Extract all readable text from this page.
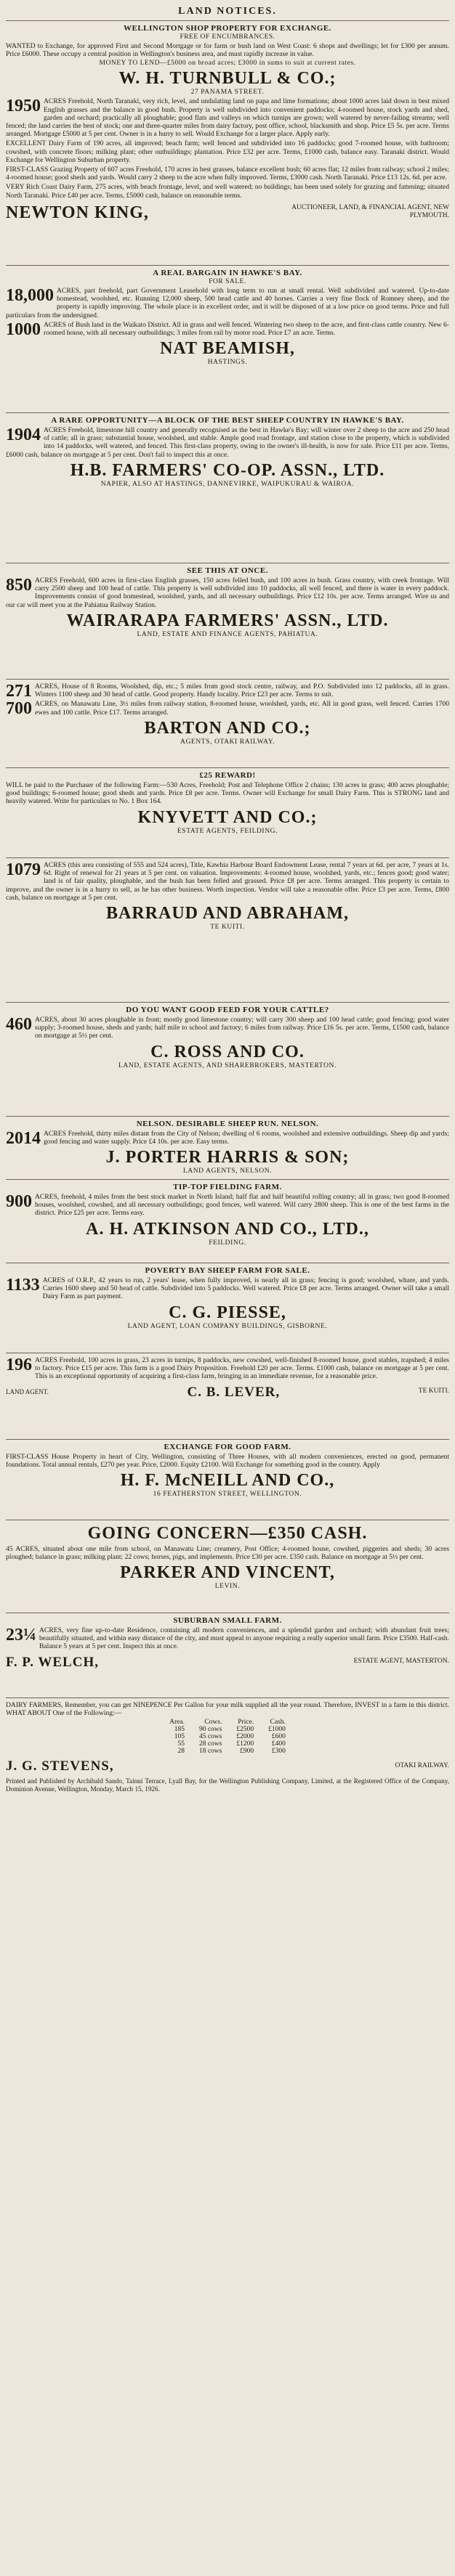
LAND NOTICES.
WELLINGTON SHOP PROPERTY FOR EXCHANGE.
FREE OF ENCUMBRANCES.
WANTED to Exchange, for approved First and Second Mortgage or for farm or bush land on West Coast: 6 shops and dwellings; let for £300 per annum. Price £6000. These occupy a central position in Wellington's business area, and must rapidly increase in value.
MONEY TO LEND—£5000 on broad acres; £3000 in sums to suit at current rates.
W. H. TURNBULL & CO.;
27 PANAMA STREET.
1950 ACRES Freehold, North Taranaki, very rich, level, and undulating land on papa and lime formations; about 1000 acres laid down in best mixed English grasses and the balance in good bush. Property is well subdivided into convenient paddocks; 4-roomed house, stock yards and shed, garden and orchard; practically all ploughable; good flats and valleys on which turnips are grown; well watered by never-failing streams; well fenced; the land carries the best of stock; one and three-quarter miles from dairy factory, post office, school, blacksmith and shop. Price £5 5s. per acre. Terms arranged. Mortgage £5000 at 5 per cent. Owner is in a hurry to sell. Would Exchange for a larger place. Apply early.
EXCELLENT Dairy Farm of 190 acres, all improved; beach farm; well fenced and subdivided into 16 paddocks; good 7-roomed house, with bathroom; cowshed, with concrete floors; milking plant; other outbuildings; plantation. Price £32 per acre. Terms, £1000 cash, balance easy. Taranaki district. Would Exchange for Wellington Suburban property.
FIRST-CLASS Grazing Property of 607 acres Freehold, 170 acres in best grasses, balance excellent bush; 60 acres flat; 12 miles from railway; school 2 miles; 4-roomed house; good sheds and yards. Would carry 2 sheep to the acre when fully improved. Terms, £3000 cash. North Taranaki. Price £13 12s. 6d. per acre.
VERY Rich Coast Dairy Farm, 275 acres, with beach frontage, level, and well watered; no buildings; has been used solely for grazing and fattening; situated North Taranaki. Price £40 per acre. Terms, £5000 cash, balance on reasonable terms.
NEWTON KING,	AUCTIONEER, LAND, & FINANCIAL AGENT, NEW PLYMOUTH.
A REAL BARGAIN IN HAWKE'S BAY.
FOR SALE.
18,000 ACRES, part freehold, part Government Leasehold with long term to run at small rental. Well subdivided and watered. Up-to-date homestead, woolshed, etc. Running 12,000 sheep, 500 head cattle and 40 horses. Carries a very fine flock of Romney sheep, and the property is rapidly improving. The whole place is in excellent order, and it will be disposed of at a low price on good terms. Price and full particulars from the undersigned.
1000 ACRES of Bush land in the Waikato District. All in grass and well fenced. Wintering two sheep to the acre, and first-class cattle country. New 6-roomed house, with all necessary outbuildings; 3 miles from rail by motor road. Price £7 an acre. Terms.
NAT BEAMISH,
HASTINGS.
A RARE OPPORTUNITY—A BLOCK OF THE BEST SHEEP COUNTRY IN HAWKE'S BAY.
1904 ACRES Freehold, limestone hill country and generally recognised as the best in Hawke's Bay; will winter over 2 sheep to the acre and 250 head of cattle; all in grass; substantial house, woolshed, and stable. Ample good road frontage, and station close to the property, which is subdivided into 14 paddocks, well watered, and fenced. This first-class property, owing to the owner's ill-health, is now for sale. Price £11 per acre. Terms, £6000 cash, balance on mortgage at 5 per cent. Don't fail to inspect this at once.
H.B. FARMERS' CO-OP. ASSN., LTD.
NAPIER, ALSO AT HASTINGS, DANNEVIRKE, WAIPUKURAU & WAIROA.
SEE THIS AT ONCE.
850 ACRES Freehold, 600 acres in first-class English grasses, 150 acres felled bush, and 100 acres in bush. Grass country, with creek frontage. Will carry 2500 sheep and 100 head of cattle. This property is well subdivided into 10 paddocks, all well fenced, and there is water in every paddock. Improvements consist of good homestead, woolshed, yards, and all necessary outbuildings. Price £12 10s. per acre. Terms arranged. Wire us and our car will meet you at the Pahiatua Railway Station.
WAIRARAPA FARMERS' ASSN., LTD.
LAND, ESTATE AND FINANCE AGENTS, PAHIATUA.
271 ACRES, House of 8 Rooms, Woolshed, dip, etc.; 5 miles from good stock centre, railway, and P.O. Subdivided into 12 paddocks, all in grass. Winters 1100 sheep and 30 head of cattle. Good property. Handy locality. Price £23 per acre. Terms to suit.
700 ACRES, on Manawatu Line, 3½ miles from railway station, 8-roomed house, woolshed, yards, etc. All in good grass, well fenced. Carries 1700 ewes and 100 cattle. Price £17. Terms arranged.
BARTON AND CO.;
AGENTS, OTAKI RAILWAY.
£25 REWARD!
WILL be paid to the Purchaser of the following Farm:—530 Acres, Freehold; Post and Telephone Office 2 chains; 130 acres in grass; 400 acres ploughable; good buildings; 6-roomed house; good sheds and yards. Price £8 per acre. Terms. Owner will Exchange for small Dairy Farm. This is STRONG land and heavily watered. Write for particulars to No. 1 Box 164.
KNYVETT AND CO.;
ESTATE AGENTS, FEILDING.
1079 ACRES (this area consisting of 555 and 524 acres), Title, Kawhia Harbour Board Endowment Lease, rental 7 years at 6d. per acre, 7 years at 1s. 6d. Right of renewal for 21 years at 5 per cent. on valuation. Improvements: 4-roomed house, woolshed, yards, etc.; fences good; good water; land is of fair quality, ploughable, and the bush has been felled and grassed. Price £8 per acre. Terms arranged. This property is certain to improve, and the owner is in a hurry to sell, as he has other business. Worth inspection. Vendor will take a reasonable offer. Price £3 per acre. Terms, £800 cash, balance on mortgage at 5 per cent.
BARRAUD AND ABRAHAM,
TE KUITI.
DO YOU WANT GOOD FEED FOR YOUR CATTLE?
460 ACRES, about 30 acres ploughable in front; mostly good limestone country; will carry 300 sheep and 100 head cattle; good fencing; good water supply; 3-roomed house, sheds and yards; half mile to school and factory; 6 miles from railway. Price £16 5s. per acre. Terms, £1500 cash, balance on mortgage at 5½ per cent.
C. ROSS AND CO.
LAND, ESTATE AGENTS, AND SHAREBROKERS, MASTERTON.
NELSON. DESIRABLE SHEEP RUN. NELSON.
2014 ACRES Freehold, thirty miles distant from the City of Nelson; dwelling of 6 rooms, woolshed and extensive outbuildings. Sheep dip and yards; good fencing and water supply. Price £4 10s. per acre. Easy terms.
J. PORTER HARRIS & SON;
LAND AGENTS, NELSON.
TIP-TOP FIELDING FARM.
900 ACRES, freehold, 4 miles from the best stock market in North Island; half flat and half beautiful rolling country; all in grass; two good 8-roomed houses, woolshed, cowshed, and all necessary outbuildings; good fences, well watered. Will carry 2800 sheep. This is one of the best farms in the district. Price £25 per acre. Terms easy.
A. H. ATKINSON AND CO., LTD.,
FEILDING.
POVERTY BAY SHEEP FARM FOR SALE.
1133 ACRES of O.R.P., 42 years to run, 2 years' lease, when fully improved, is nearly all in grass; fencing is good; woolshed, whare, and yards. Carries 1600 sheep and 50 head of cattle. Subdivided into 5 paddocks. Well watered. Price £8 per acre. Terms arranged. Owner will take a small Dairy Farm as part payment.
C. G. PIESSE,
LAND AGENT, LOAN COMPANY BUILDINGS, GISBORNE.
196 ACRES Freehold, 100 acres in grass, 23 acres in turnips, 8 paddocks, new cowshed, well-finished 8-roomed house, good stables, trapshed; 4 miles to factory. Price £15 per acre. This farm is a good Dairy Proposition. Freehold £20 per acre. Terms. £1000 cash, balance on mortgage at 5 per cent. This is an exceptional opportunity of acquiring a first-class farm, bringing in an immediate revenue, for a reasonable price.
LAND AGENT.	C. B. LEVER,	TE KUITI.
EXCHANGE FOR GOOD FARM.
FIRST-CLASS House Property in heart of City, Wellington, consisting of Three Houses, with all modern conveniences, erected on good, permanent foundations. Total annual rentals, £270 per year. Price, £2000. Equity £2100. Will Exchange for something good in the country. Apply
H. F. McNEILL AND CO.,
16 FEATHERSTON STREET, WELLINGTON.
GOING CONCERN—£350 CASH.
45 ACRES, situated about one mile from school, on Manawatu Line; creamery, Post Office; 4-roomed house, cowshed, piggeries and sheds; 30 acres ploughed; balance in grass; milking plant; 22 cows; horses, pigs, and implements. Price £30 per acre. £350 cash. Balance on mortgage at 5½ per cent.
PARKER AND VINCENT,
LEVIN.
SUBURBAN SMALL FARM.
23¼ ACRES, very fine up-to-date Residence, containing all modern conveniences, and a splendid garden and orchard; with abundant fruit trees; beautifully situated, and within easy distance of the city, and must appeal to anyone requiring a really superior small farm. Price £3500. Half-cash. Balance 5 years at 5 per cent. Inspect this at once.
F. P. WELCH,	ESTATE AGENT, MASTERTON.
DAIRY FARMERS, Remember, you can get NINEPENCE Per Gallon for your milk supplied all the year round. Therefore, INVEST in a farm in this district. WHAT ABOUT One of the Following:—
Area.	Cows.	Price.	Cash.
185	90 cows	£2500	£1000
105	45 cows	£2000	£600
55	28 cows	£1200	£400
28	18 cows	£900	£300
J. G. STEVENS,	OTAKI RAILWAY.
Printed and Published by Archibald Sando, Tainui Terrace, Lyall Bay, for the Wellington Publishing Company, Limited, at the Registered Office of the Company, Dominion Avenue, Wellington, Monday, March 15, 1926.
